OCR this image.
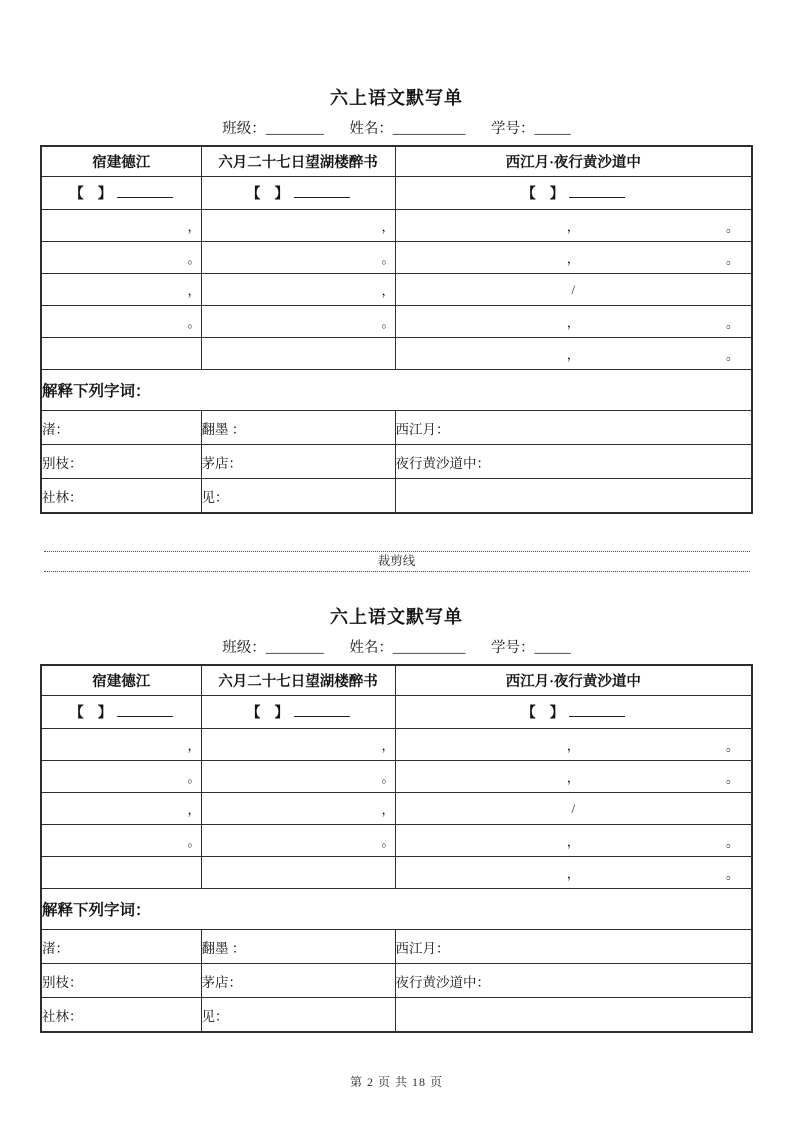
六上语文默写单
班级：________ 姓名：__________ 学号：_____
宿建德江	六月二十七日望湖楼醉书	西江月·夜行黄沙道中
【　】	【　】	【　】
，	，	， 。

。	。	， 。

，	，	/

。	。	， 。

		， 。

解释下列字词：		
渚：	翻墨 ：	西江月：
别枝：	茅店：	夜行黄沙道中：
社林：	见：	
裁剪线
六上语文默写单
班级：________ 姓名：__________ 学号：_____
宿建德江	六月二十七日望湖楼醉书	西江月·夜行黄沙道中
【　】	【　】	【　】
，	，	， 。

。	。	， 。

，	，	/

。	。	， 。

		， 。

解释下列字词：		
渚：	翻墨 ：	西江月：
别枝：	茅店：	夜行黄沙道中：
社林：	见：	
第 2 页 共 18 页
